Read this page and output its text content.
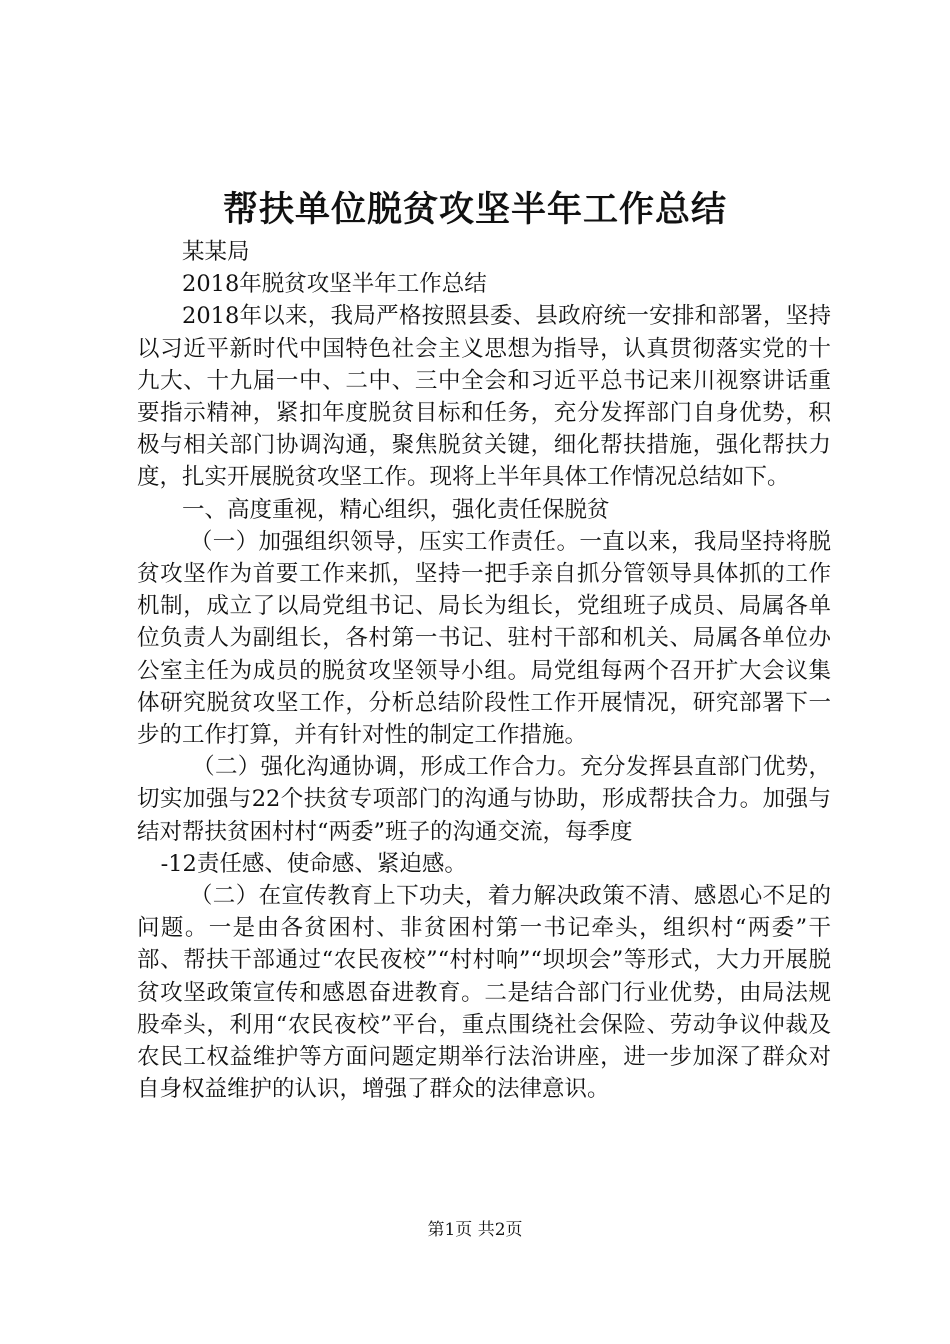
帮扶单位脱贫攻坚半年工作总结

某某局

2018年脱贫攻坚半年工作总结

2018年以来，我局严格按照县委、县政府统一安排和部署，坚持以习近平新时代中国特色社会主义思想为指导，认真贯彻落实党的十九大、十九届一中、二中、三中全会和习近平总书记来川视察讲话重要指示精神，紧扣年度脱贫目标和任务，充分发挥部门自身优势，积极与相关部门协调沟通，聚焦脱贫关键，细化帮扶措施，强化帮扶力度，扎实开展脱贫攻坚工作。现将上半年具体工作情况总结如下。

一、高度重视，精心组织，强化责任保脱贫

（一）加强组织领导，压实工作责任。一直以来，我局坚持将脱贫攻坚作为首要工作来抓，坚持一把手亲自抓分管领导具体抓的工作机制，成立了以局党组书记、局长为组长，党组班子成员、局属各单位负责人为副组长，各村第一书记、驻村干部和机关、局属各单位办公室主任为成员的脱贫攻坚领导小组。局党组每两个召开扩大会议集体研究脱贫攻坚工作，分析总结阶段性工作开展情况，研究部署下一步的工作打算，并有针对性的制定工作措施。

（二）强化沟通协调，形成工作合力。充分发挥县直部门优势，切实加强与22个扶贫专项部门的沟通与协助，形成帮扶合力。加强与结对帮扶贫困村村“两委”班子的沟通交流，每季度

-12责任感、使命感、紧迫感。

（二）在宣传教育上下功夫，着力解决政策不清、感恩心不足的问题。一是由各贫困村、非贫困村第一书记牵头，组织村“两委”干部、帮扶干部通过“农民夜校”“村村响”“坝坝会”等形式，大力开展脱贫攻坚政策宣传和感恩奋进教育。二是结合部门行业优势，由局法规股牵头，利用“农民夜校”平台，重点围绕社会保险、劳动争议仲裁及农民工权益维护等方面问题定期举行法治讲座，进一步加深了群众对自身权益维护的认识，增强了群众的法律意识。

第1页 共2页
